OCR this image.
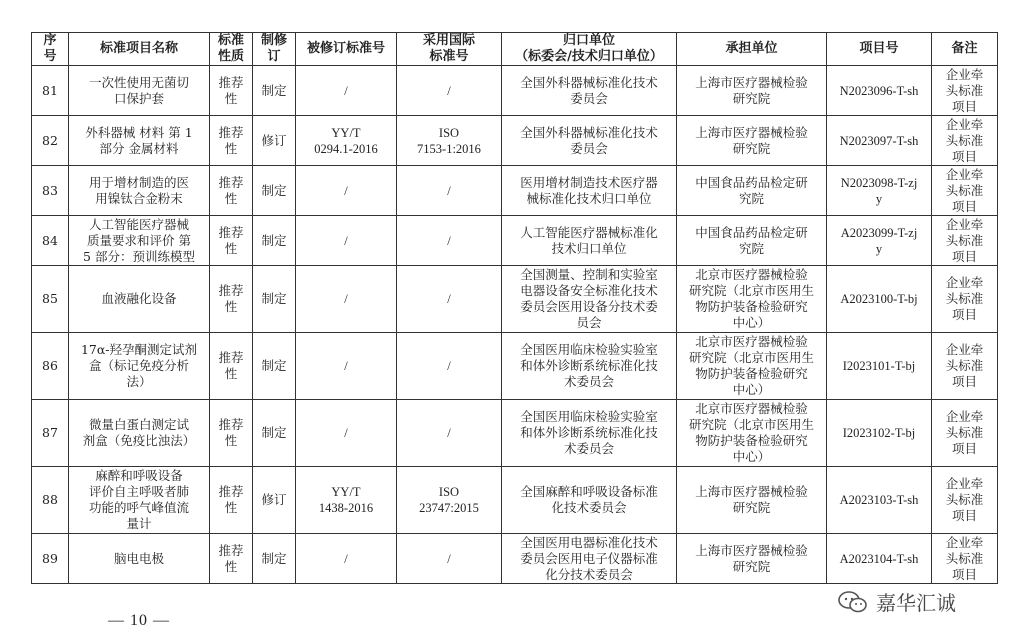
序
号	标准项目名称	标准
性质	制修
订	被修订标准号	采用国际
标准号	归口单位
（标委会/技术归口单位）	承担单位	项目号	备注
81	一次性使用无菌切
口保护套	推荐
性	制定	/	/	全国外科器械标准化技术
委员会	上海市医疗器械检验
研究院	N2023096-T-sh	企业牵
头标准
项目
82	外科器械 材料 第 1
部分 金属材料	推荐
性	修订	YY/T
0294.1-2016	ISO
7153-1:2016	全国外科器械标准化技术
委员会	上海市医疗器械检验
研究院	N2023097-T-sh	企业牵
头标准
项目
83	用于增材制造的医
用镍钛合金粉末	推荐
性	制定	/	/	医用增材制造技术医疗器
械标准化技术归口单位	中国食品药品检定研
究院	N2023098-T-zj
y	企业牵
头标准
项目
84	人工智能医疗器械
质量要求和评价 第
5 部分：预训练模型	推荐
性	制定	/	/	人工智能医疗器械标准化
技术归口单位	中国食品药品检定研
究院	A2023099-T-zj
y	企业牵
头标准
项目
85	血液融化设备	推荐
性	制定	/	/	全国测量、控制和实验室
电器设备安全标准化技术
委员会医用设备分技术委
员会	北京市医疗器械检验
研究院（北京市医用生
物防护装备检验研究
中心）	A2023100-T-bj	企业牵
头标准
项目
86	17α-羟孕酮测定试剂
盒（标记免疫分析
法）	推荐
性	制定	/	/	全国医用临床检验实验室
和体外诊断系统标准化技
术委员会	北京市医疗器械检验
研究院（北京市医用生
物防护装备检验研究
中心）	I2023101-T-bj	企业牵
头标准
项目
87	微量白蛋白测定试
剂盒（免疫比浊法）	推荐
性	制定	/	/	全国医用临床检验实验室
和体外诊断系统标准化技
术委员会	北京市医疗器械检验
研究院（北京市医用生
物防护装备检验研究
中心）	I2023102-T-bj	企业牵
头标准
项目
88	麻醉和呼吸设备
评价自主呼吸者肺
功能的呼气峰值流
量计	推荐
性	修订	YY/T
1438-2016	ISO
23747:2015	全国麻醉和呼吸设备标准
化技术委员会	上海市医疗器械检验
研究院	A2023103-T-sh	企业牵
头标准
项目
89	脑电电极	推荐
性	制定	/	/	全国医用电器标准化技术
委员会医用电子仪器标准
化分技术委员会	上海市医疗器械检验
研究院	A2023104-T-sh	企业牵
头标准
项目
— 10 —
嘉华汇诚
